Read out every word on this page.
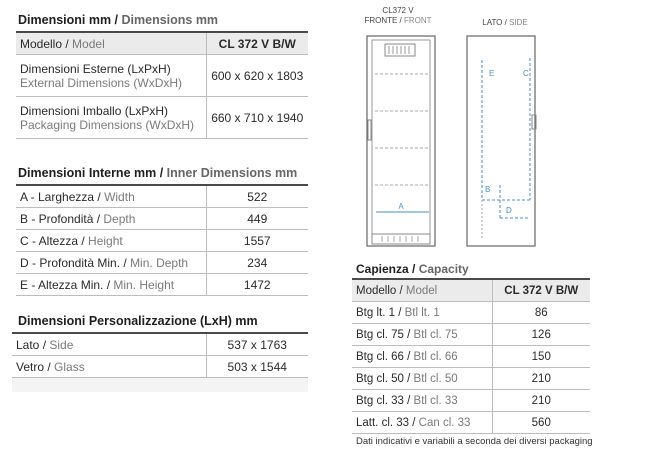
Dimensioni mm / Dimensions mm
Modello / Model	CL 372 V B/W

Dimensioni Esterne (LxPxH)
External Dimensions (WxDxH)	600 x 620 x 1803

Dimensioni Imballo (LxPxH)
Packaging Dimensions (WxDxH)	660 x 710 x 1940
Dimensioni Interne mm / Inner Dimensions mm
A - Larghezza / Width	522
B - Profondità / Depth	449
C - Altezza / Height	1557
D - Profondità Min. / Min. Depth	234
E - Altezza Min. / Min. Height	1472
Dimensioni Personalizzazione (LxH) mm
Lato / Side	537 x 1763
Vetro / Glass	503 x 1544
Capienza / Capacity
Modello / Model	CL 372 V B/W
Btg lt. 1 / Btl lt. 1	86
Btg cl. 75 / Btl cl. 75	126
Btg cl. 66 / Btl cl. 66	150
Btg cl. 50 / Btl cl. 50	210
Btg cl. 33 / Btl cl. 33	210
Latt. cl. 33 / Can cl. 33	560
Dati indicativi e variabili a seconda dei diversi packaging
CL372 V
FRONTE / FRONT	LATO / SIDE
A
B
C
D
E
